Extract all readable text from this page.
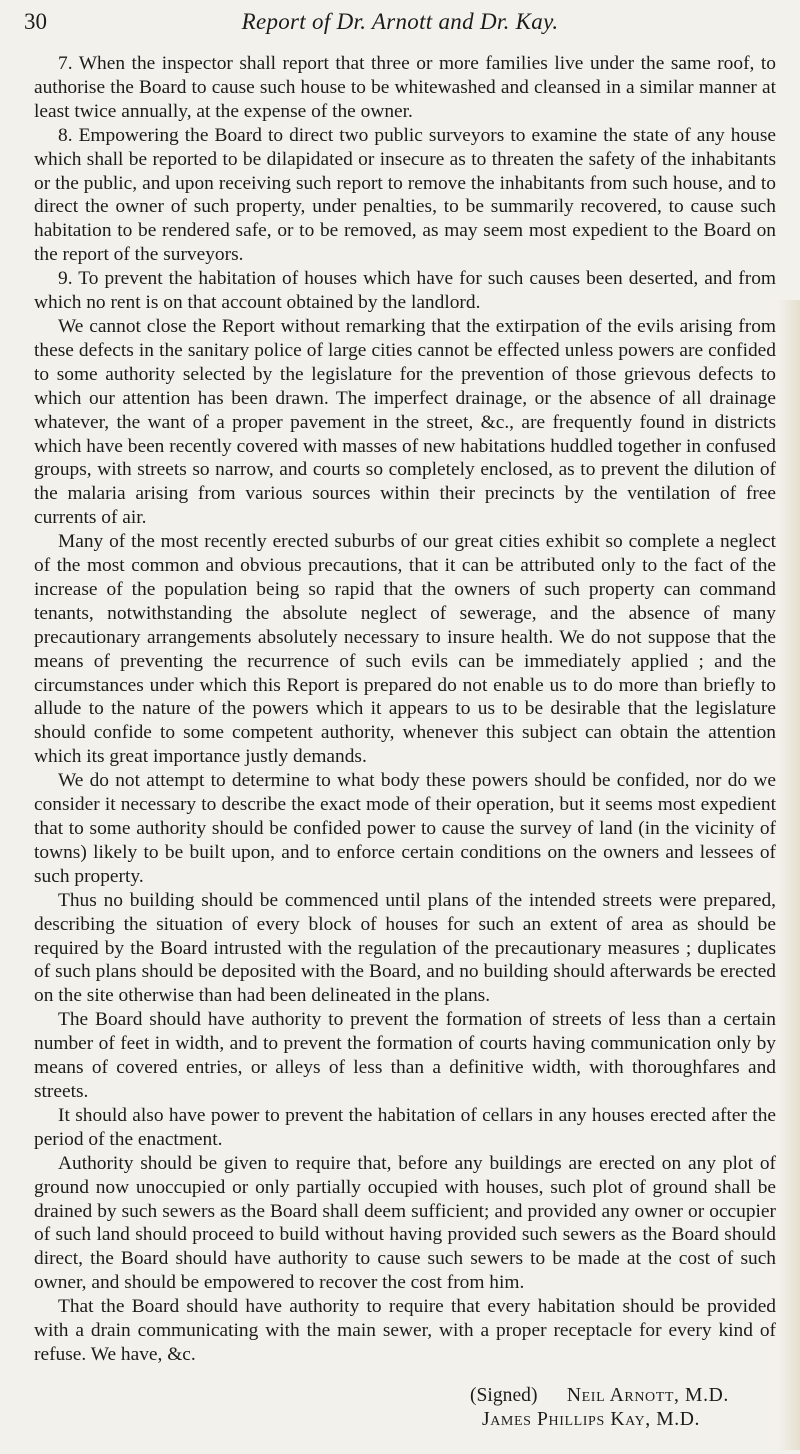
30	Report of Dr. Arnott and Dr. Kay.

7. When the inspector shall report that three or more families live under the same roof, to authorise the Board to cause such house to be whitewashed and cleansed in a similar manner at least twice annually, at the expense of the owner.

8. Empowering the Board to direct two public surveyors to examine the state of any house which shall be reported to be dilapidated or insecure as to threaten the safety of the inhabitants or the public, and upon receiving such report to remove the inhabitants from such house, and to direct the owner of such property, under penalties, to be summarily recovered, to cause such habitation to be rendered safe, or to be removed, as may seem most expedient to the Board on the report of the surveyors.

9. To prevent the habitation of houses which have for such causes been deserted, and from which no rent is on that account obtained by the landlord.

We cannot close the Report without remarking that the extirpation of the evils arising from these defects in the sanitary police of large cities cannot be effected unless powers are confided to some authority selected by the legislature for the prevention of those grievous defects to which our attention has been drawn. The imperfect drainage, or the absence of all drainage whatever, the want of a proper pavement in the street, &c., are frequently found in districts which have been recently covered with masses of new habitations huddled together in confused groups, with streets so narrow, and courts so completely enclosed, as to prevent the dilution of the malaria arising from various sources within their precincts by the ventilation of free currents of air.

Many of the most recently erected suburbs of our great cities exhibit so complete a neglect of the most common and obvious precautions, that it can be attributed only to the fact of the increase of the population being so rapid that the owners of such property can command tenants, notwithstanding the absolute neglect of sewerage, and the absence of many precautionary arrangements absolutely necessary to insure health. We do not suppose that the means of preventing the recurrence of such evils can be immediately applied ; and the circumstances under which this Report is prepared do not enable us to do more than briefly to allude to the nature of the powers which it appears to us to be desirable that the legislature should confide to some competent authority, whenever this subject can obtain the attention which its great importance justly demands.

We do not attempt to determine to what body these powers should be confided, nor do we consider it necessary to describe the exact mode of their operation, but it seems most expedient that to some authority should be confided power to cause the survey of land (in the vicinity of towns) likely to be built upon, and to enforce certain conditions on the owners and lessees of such property.

Thus no building should be commenced until plans of the intended streets were prepared, describing the situation of every block of houses for such an extent of area as should be required by the Board intrusted with the regulation of the precautionary measures ; duplicates of such plans should be deposited with the Board, and no building should afterwards be erected on the site otherwise than had been delineated in the plans.

The Board should have authority to prevent the formation of streets of less than a certain number of feet in width, and to prevent the formation of courts having communication only by means of covered entries, or alleys of less than a definitive width, with thoroughfares and streets.

It should also have power to prevent the habitation of cellars in any houses erected after the period of the enactment.

Authority should be given to require that, before any buildings are erected on any plot of ground now unoccupied or only partially occupied with houses, such plot of ground shall be drained by such sewers as the Board shall deem sufficient; and provided any owner or occupier of such land should proceed to build without having provided such sewers as the Board should direct, the Board should have authority to cause such sewers to be made at the cost of such owner, and should be empowered to recover the cost from him.

That the Board should have authority to require that every habitation should be provided with a drain communicating with the main sewer, with a proper receptacle for every kind of refuse. We have, &c.

(Signed) Neil Arnott, M.D.
James Phillips Kay, M.D.
